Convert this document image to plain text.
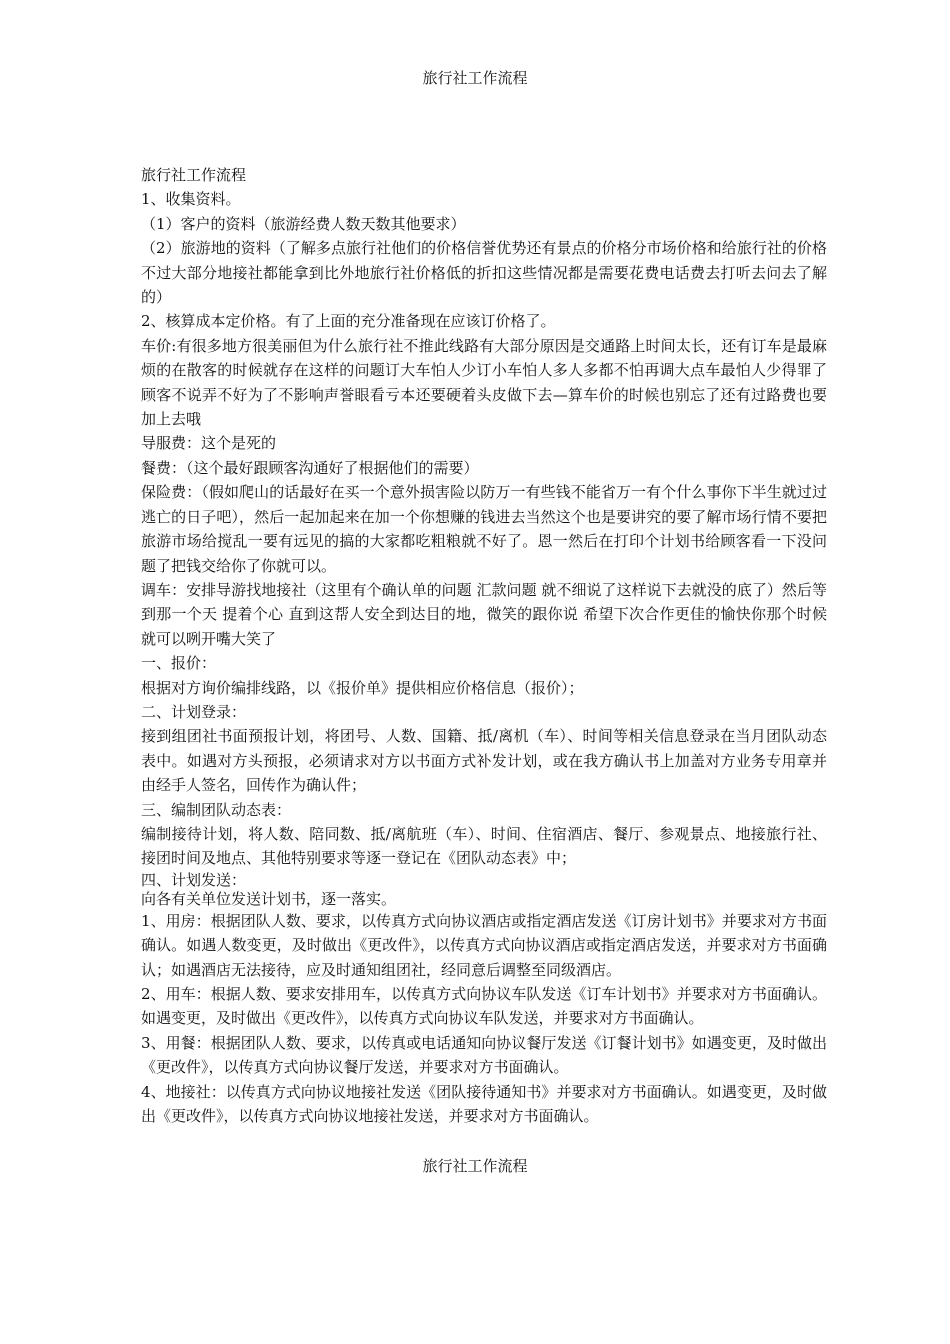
旅行社工作流程

旅行社工作流程

1、收集资料。

（1）客户的资料（旅游经费人数天数其他要求）

（2）旅游地的资料（了解多点旅行社他们的价格信誉优势还有景点的价格分市场价格和给旅行社的价格不过大部分地接社都能拿到比外地旅行社价格低的折扣这些情况都是需要花费电话费去打听去问去了解的）

2、核算成本定价格。有了上面的充分准备现在应该订价格了。

车价:有很多地方很美丽但为什么旅行社不推此线路有大部分原因是交通路上时间太长，还有订车是最麻烦的在散客的时候就存在这样的问题订大车怕人少订小车怕人多人多都不怕再调大点车最怕人少得罪了顾客不说弄不好为了不影响声誉眼看亏本还要硬着头皮做下去—算车价的时候也别忘了还有过路费也要加上去哦

导服费：这个是死的

餐费：（这个最好跟顾客沟通好了根据他们的需要）

保险费：（假如爬山的话最好在买一个意外损害险以防万一有些钱不能省万一有个什么事你下半生就过过逃亡的日子吧），然后一起加起来在加一个你想赚的钱进去当然这个也是要讲究的要了解市场行情不要把旅游市场给搅乱一要有远见的搞的大家都吃粗粮就不好了。恩一然后在打印个计划书给顾客看一下没问题了把钱交给你了你就可以。

调车：安排导游找地接社（这里有个确认单的问题 汇款问题 就不细说了这样说下去就没的底了）然后等到那一个天 提着个心 直到这帮人安全到达目的地，微笑的跟你说 希望下次合作更佳的愉快你那个时候就可以咧开嘴大笑了

一、报价：

根据对方询价编排线路，以《报价单》提供相应价格信息（报价）；

二、计划登录：

接到组团社书面预报计划，将团号、人数、国籍、抵/离机（车）、时间等相关信息登录在当月团队动态表中。如遇对方头预报，必须请求对方以书面方式补发计划，或在我方确认书上加盖对方业务专用章并由经手人签名，回传作为确认件；

三、编制团队动态表：

编制接待计划，将人数、陪同数、抵/离航班（车）、时间、住宿酒店、餐厅、参观景点、地接旅行社、接团时间及地点、其他特别要求等逐一登记在《团队动态表》中；

四、计划发送：

向各有关单位发送计划书，逐一落实。

1、用房：根据团队人数、要求，以传真方式向协议酒店或指定酒店发送《订房计划书》并要求对方书面确认。如遇人数变更，及时做出《更改件》，以传真方式向协议酒店或指定酒店发送，并要求对方书面确认；如遇酒店无法接待，应及时通知组团社，经同意后调整至同级酒店。

2、用车：根据人数、要求安排用车，以传真方式向协议车队发送《订车计划书》并要求对方书面确认。如遇变更，及时做出《更改件》，以传真方式向协议车队发送，并要求对方书面确认。

3、用餐：根据团队人数、要求，以传真或电话通知向协议餐厅发送《订餐计划书》如遇变更，及时做出《更改件》，以传真方式向协议餐厅发送，并要求对方书面确认。

4、地接社：以传真方式向协议地接社发送《团队接待通知书》并要求对方书面确认。如遇变更，及时做出《更改件》，以传真方式向协议地接社发送，并要求对方书面确认。

旅行社工作流程
